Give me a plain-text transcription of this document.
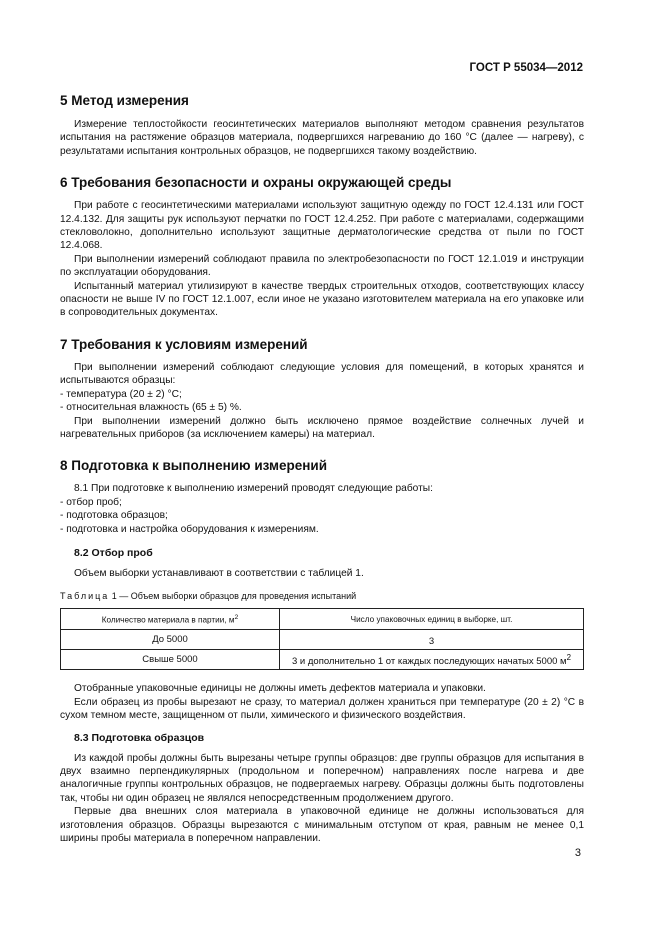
ГОСТ Р 55034—2012
5 Метод измерения

Измерение теплостойкости геосинтетических материалов выполняют методом сравнения результатов испытания на растяжение образцов материала, подвергшихся нагреванию до 160 °C (далее — нагреву), с результатами испытания контрольных образцов, не подвергшихся такому воздействию.

6 Требования безопасности и охраны окружающей среды

При работе с геосинтетическими материалами используют защитную одежду по ГОСТ 12.4.131 или ГОСТ 12.4.132. Для защиты рук используют перчатки по ГОСТ 12.4.252. При работе с материалами, содержащими стекловолокно, дополнительно используют защитные дерматологические средства от пыли по ГОСТ 12.4.068.

При выполнении измерений соблюдают правила по электробезопасности по ГОСТ 12.1.019 и инструкции по эксплуатации оборудования.

Испытанный материал утилизируют в качестве твердых строительных отходов, соответствующих классу опасности не выше IV по ГОСТ 12.1.007, если иное не указано изготовителем материала на его упаковке или в сопроводительных документах.

7 Требования к условиям измерений

При выполнении измерений соблюдают следующие условия для помещений, в которых хранятся и испытываются образцы:

- температура (20 ± 2) °C;

- относительная влажность (65 ± 5) %.

При выполнении измерений должно быть исключено прямое воздействие солнечных лучей и нагревательных приборов (за исключением камеры) на материал.

8 Подготовка к выполнению измерений

8.1 При подготовке к выполнению измерений проводят следующие работы:

- отбор проб;

- подготовка образцов;

- подготовка и настройка оборудования к измерениям.

8.2 Отбор проб

Объем выборки устанавливают в соответствии с таблицей 1.

Таблица 1 — Объем выборки образцов для проведения испытаний

Количество материала в партии, $м^2$	Число упаковочных единиц в выборке, шт.
До 5000	3
Свыше 5000	3 и дополнительно 1 от каждых последующих начатых 5000 $м^2$

Отобранные упаковочные единицы не должны иметь дефектов материала и упаковки.

Если образец из пробы вырезают не сразу, то материал должен храниться при температуре (20 ± 2) °C в сухом темном месте, защищенном от пыли, химического и физического воздействия.

8.3 Подготовка образцов

Из каждой пробы должны быть вырезаны четыре группы образцов: две группы образцов для испытания в двух взаимно перпендикулярных (продольном и поперечном) направлениях после нагрева и две аналогичные группы контрольных образцов, не подвергаемых нагреву. Образцы должны быть подготовлены так, чтобы ни один образец не являлся непосредственным продолжением другого.

Первые два внешних слоя материала в упаковочной единице не должны использоваться для изготовления образцов. Образцы вырезаются с минимальным отступом от края, равным не менее 0,1 ширины пробы материала в поперечном направлении.

3
